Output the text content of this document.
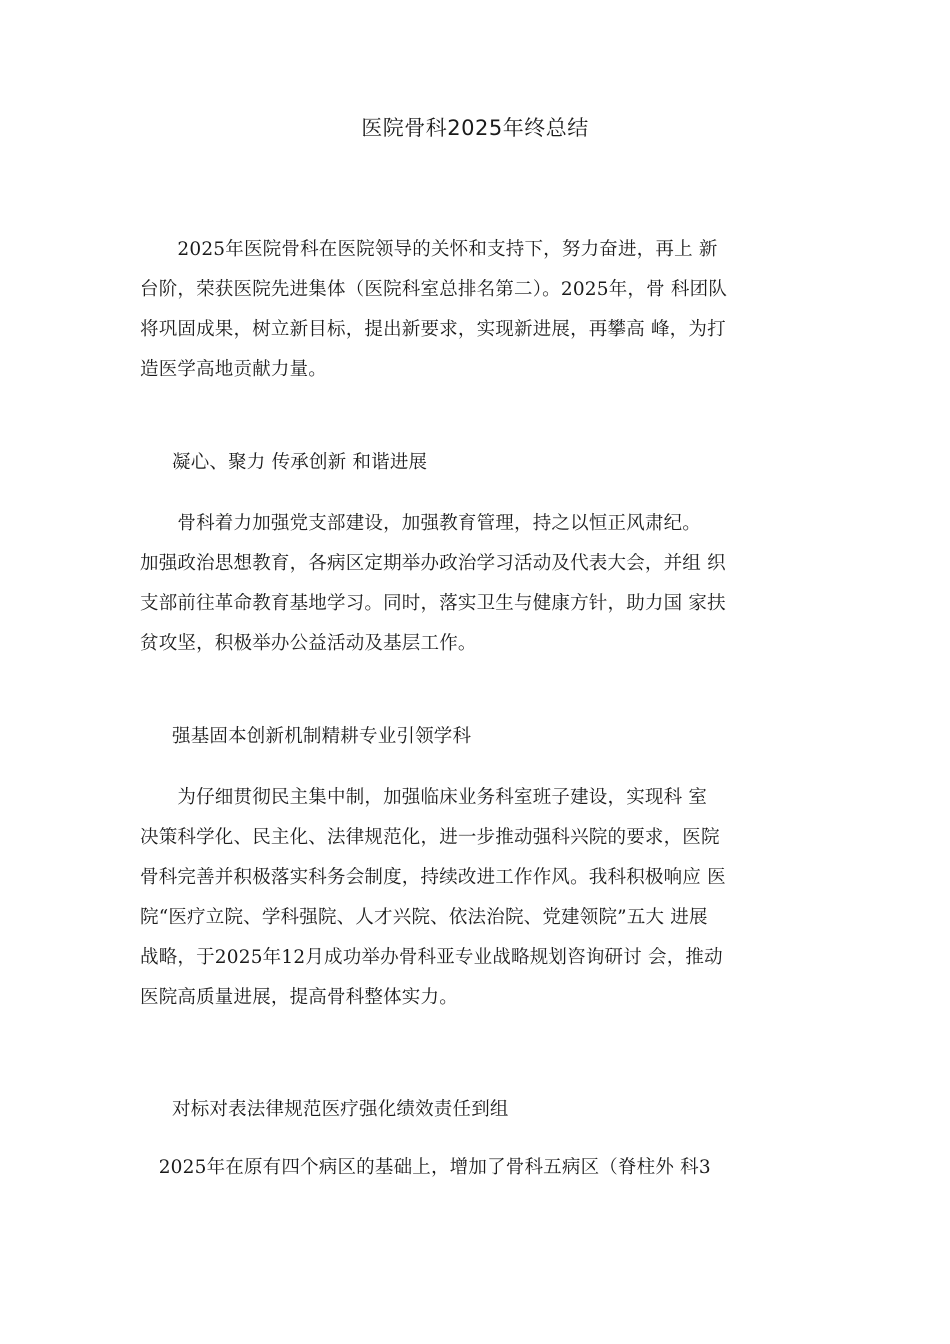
医院骨科2025年终总结

　　2025年医院骨科在医院领导的关怀和支持下，努力奋进，再上 新
台阶，荣获医院先进集体（医院科室总排名第二）。2025年，骨 科团队
将巩固成果，树立新目标，提出新要求，实现新进展，再攀高 峰，为打
造医学高地贡献力量。

凝心、聚力 传承创新 和谐进展

　　骨科着力加强党支部建设，加强教育管理，持之以恒正风肃纪。
加强政治思想教育，各病区定期举办政治学习活动及代表大会，并组 织
支部前往革命教育基地学习。同时，落实卫生与健康方针，助力国 家扶
贫攻坚，积极举办公益活动及基层工作。

强基固本创新机制精耕专业引领学科

　　为仔细贯彻民主集中制，加强临床业务科室班子建设，实现科 室
决策科学化、民主化、法律规范化，进一步推动强科兴院的要求，医院
骨科完善并积极落实科务会制度，持续改进工作作风。我科积极响应 医
院“医疗立院、学科强院、人才兴院、依法治院、党建领院”五大 进展
战略，于2025年12月成功举办骨科亚专业战略规划咨询研讨 会，推动
医院高质量进展，提高骨科整体实力。

对标对表法律规范医疗强化绩效责任到组

　2025年在原有四个病区的基础上，增加了骨科五病区（脊柱外 科3
